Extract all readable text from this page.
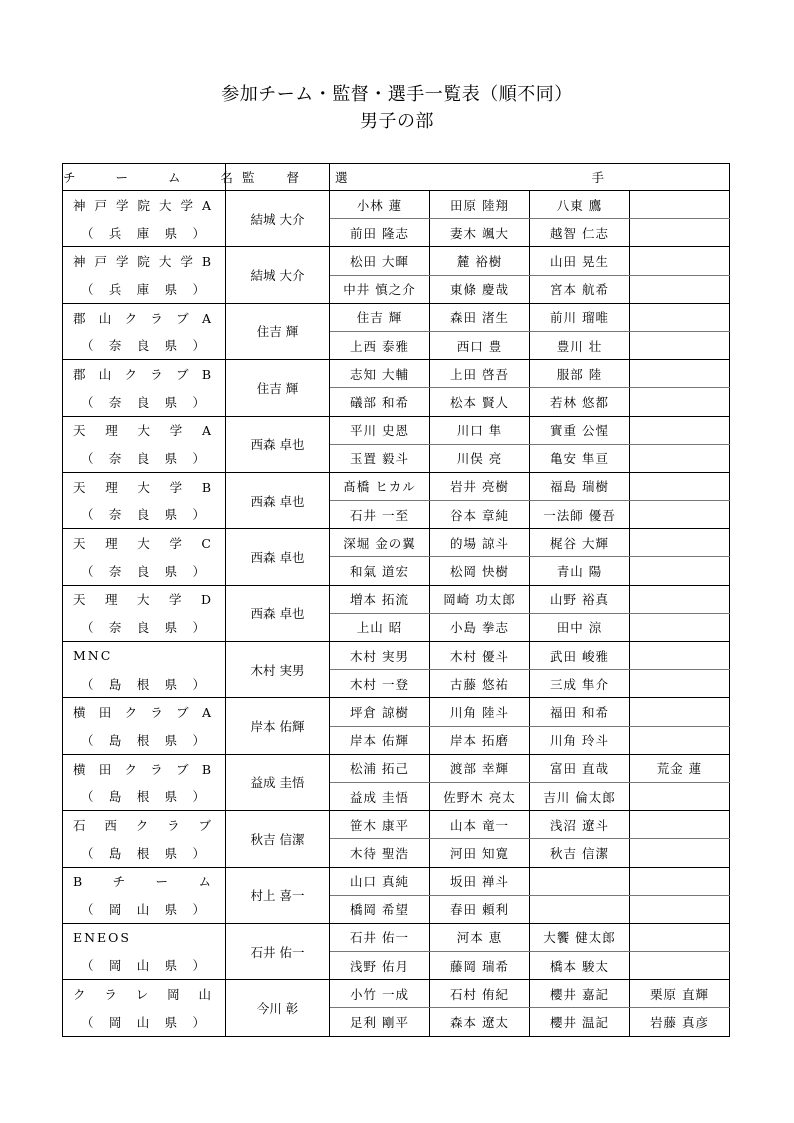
参加チーム・監督・選手一覧表（順不同）
男子の部
チ ー ム 名	監 督	選 手			
神戸学院大学A	結城 大介	小林 蓮	田原 陸翔	八東 鷹	
（兵庫県）		前田 隆志	妻木 颯大	越智 仁志	
神戸学院大学B	結城 大介	松田 大暉	麓 裕樹	山田 晃生	
（兵庫県）		中井 慎之介	東條 慶哉	宮本 航希	
郡山クラブA	住吉 輝	住吉 輝	森田 渚生	前川 瑠唯	
（奈良県）		上西 泰雅	西口 豊	豊川 壮	
郡山クラブB	住吉 輝	志知 大輔	上田 啓吾	服部 陸	
（奈良県）		礒部 和希	松本 賢人	若林 悠都	
天理大学A	西森 卓也	平川 史恩	川口 隼	實重 公惺	
（奈良県）		玉置 毅斗	川俣 亮	亀安 隼亘	
天理大学B	西森 卓也	髙橋 ヒカル	岩井 亮樹	福島 瑞樹	
（奈良県）		石井 一至	谷本 章純	一法師 優吾	
天理大学C	西森 卓也	深堀 金の翼	的場 諒斗	梶谷 大輝	
（奈良県）		和氣 道宏	松岡 快樹	青山 陽	
天理大学D	西森 卓也	増本 拓流	岡崎 功太郎	山野 裕真	
（奈良県）		上山 昭	小島 拳志	田中 涼	
MNC	木村 実男	木村 実男	木村 優斗	武田 峻雅	
（島根県）		木村 一登	古藤 悠祐	三成 隼介	
横田クラブA	岸本 佑輝	坪倉 諒樹	川角 陸斗	福田 和希	
（島根県）		岸本 佑輝	岸本 拓磨	川角 玲斗	
横田クラブB	益成 圭悟	松浦 拓己	渡部 幸輝	富田 直哉	荒金 蓮
（島根県）		益成 圭悟	佐野木 亮太	吉川 倫太郎	
石西クラブ	秋吉 信潔	笹木 康平	山本 竜一	浅沼 遼斗	
（島根県）		木待 聖浩	河田 知寛	秋吉 信潔	
Bチーム	村上 喜一	山口 真純	坂田 禅斗		
（岡山県）		橋岡 希望	春田 頼利		
ENEOS	石井 佑一	石井 佑一	河本 恵	大饗 健太郎	
（岡山県）		浅野 佑月	藤岡 瑞希	橋本 駿太	
クラレ岡山	今川 彰	小竹 一成	石村 侑紀	櫻井 嘉記	栗原 直輝
（岡山県）		足利 剛平	森本 遼太	櫻井 温記	岩藤 真彦
